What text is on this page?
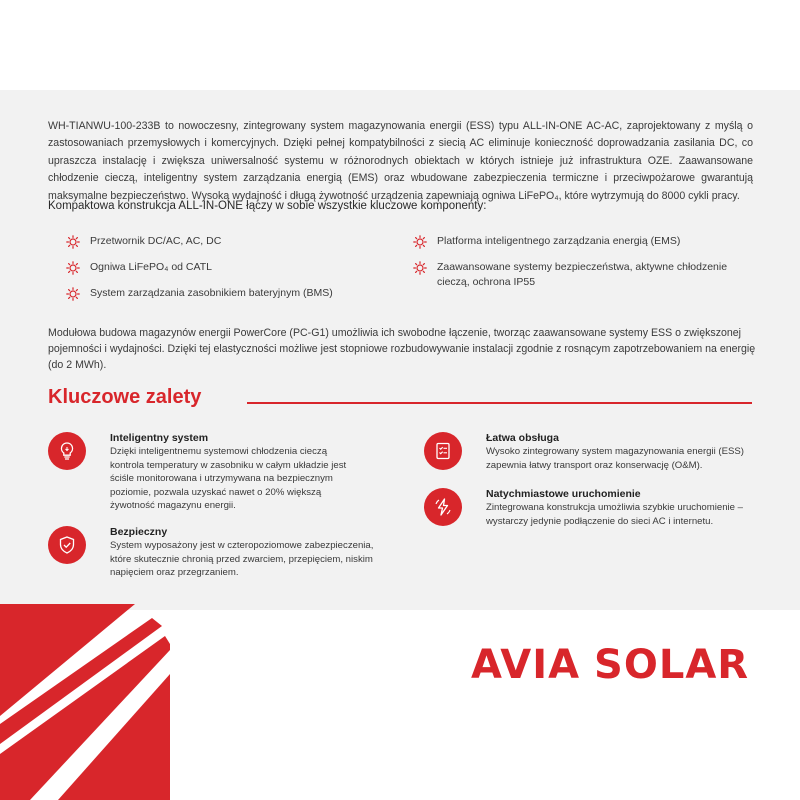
WH-TIANWU-100-233B to nowoczesny, zintegrowany system magazynowania energii (ESS) typu ALL-IN-ONE AC-AC, zaprojektowany z myślą o zastosowaniach przemysłowych i komercyjnych. Dzięki pełnej kompatybilności z siecią AC eliminuje konieczność doprowadzania zasilania DC, co upraszcza instalację i zwiększa uniwersalność systemu w różnorodnych obiektach w których istnieje już infrastruktura OZE. Zaawansowane chłodzenie cieczą, inteligentny system zarządzania energią (EMS) oraz wbudowane zabezpieczenia termiczne i przeciwpożarowe gwarantują maksymalne bezpieczeństwo. Wysoką wydajność i długą żywotność urządzenia zapewniają ogniwa LiFePO₄, które wytrzymują do 8000 cykli pracy.

Kompaktowa konstrukcja ALL-IN-ONE łączy w sobie wszystkie kluczowe komponenty:

Przetwornik DC/AC, AC, DC
Ogniwa LiFePO₄ od CATL
System zarządzania zasobnikiem bateryjnym (BMS)
Platforma inteligentnego zarządzania energią (EMS)
Zaawansowane systemy bezpieczeństwa, aktywne chłodzenie cieczą, ochrona IP55

Modułowa budowa magazynów energii PowerCore (PC-G1) umożliwia ich swobodne łączenie, tworząc zaawansowane systemy ESS o zwiększonej pojemności i wydajności. Dzięki tej elastyczności możliwe jest stopniowe rozbudowywanie instalacji zgodnie z rosnącym zapotrzebowaniem na energię (do 2 MWh).

Kluczowe zalety

Inteligentny system

Dzięki inteligentnemu systemowi chłodzenia cieczą kontrola temperatury w zasobniku w całym układzie jest ściśle monitorowana i utrzymywana na bezpiecznym poziomie, pozwala uzyskać nawet o 20% większą żywotność magazynu energii.

Bezpieczny

System wyposażony jest w czteropoziomowe zabezpieczenia, które skutecznie chronią przed zwarciem, przepięciem, niskim napięciem oraz przegrzaniem.

Łatwa obsługa

Wysoko zintegrowany system magazynowania energii (ESS) zapewnia łatwy transport oraz konserwację (O&M).

Natychmiastowe uruchomienie

Zintegrowana konstrukcja umożliwia szybkie uruchomienie – wystarczy jedynie podłączenie do sieci AC i internetu.

AVIA SOLAR
